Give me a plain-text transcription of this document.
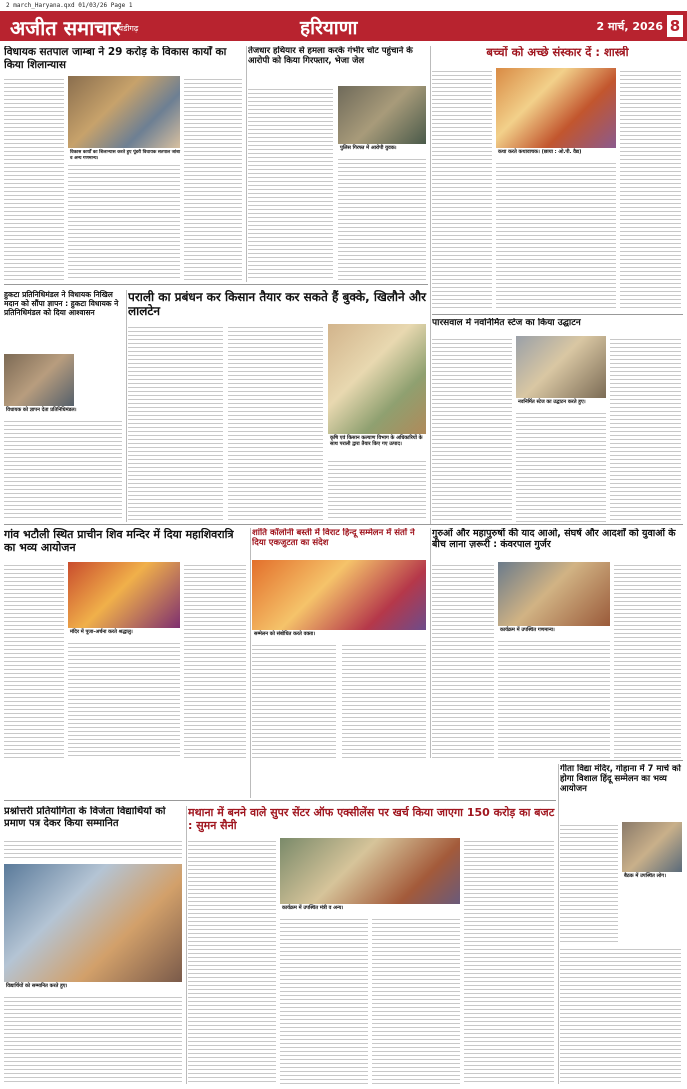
2 march_Haryana.qxd 01/03/26 Page 1
अजीत समाचार
चंडीगढ़	हरियाणा	2 मार्च, 2026 8
विधायक सतपाल जाम्बा ने 29 करोड़ के विकास कार्यों का किया शिलान्यास
विकास कार्यों का शिलान्यास करते हुए पूंडरी विधायक सतपाल जांबा व अन्य गणमान्य।
तेजधार हथियार से हमला करके गंभीर चोट पहुंचाने के आरोपी को किया गिरफ्तार, भेजा जेल
पुलिस गिरफ्त में आरोपी युवक।
बच्चों को अच्छे संस्कार दें : शास्त्री
कथा करते कथावाचक। (छाया : ओ.पी. वैद्य)
हुकटा प्रतिनिधिमंडल ने विधायक निखिल मदान को सौंपा ज्ञापन : हुकटा विधायक ने प्रतिनिधिमंडल को दिया आश्वासन
विधायक को ज्ञापन देता प्रतिनिधिमंडल।
पराली का प्रबंधन कर किसान तैयार कर सकते हैं बुक्के, खिलौने और लालटेन
कृषि एवं किसान कल्याण विभाग के अधिकारियों के साथ पराली द्वारा तैयार किए गए उत्पाद।
पारसवाल में नवनिर्मित स्टेज का किया उद्घाटन
नवनिर्मित स्टेज का उद्घाटन करते हुए।
गांव भटौली स्थित प्राचीन शिव मन्दिर में दिया महाशिवरात्रि का भव्य आयोजन
मंदिर में पूजा-अर्चना करते श्रद्धालु।
शांति कॉलोनी बस्ती में विराट हिन्दू सम्मेलन में संतों ने दिया एकजुटता का संदेश
सम्मेलन को संबोधित करते वक्ता।
गुरुओं और महापुरुषों की याद आओ, संघर्ष और आदर्शों को युवाओं के बीच लाना ज़रूरी : कंवरपाल गुर्जर
कार्यक्रम में उपस्थित गणमान्य।
गीता विद्या मंदिर, गोहाना में 7 मार्च को होगा विशाल हिंदू सम्मेलन का भव्य आयोजन
बैठक में उपस्थित लोग।
प्रश्नोत्तरी प्रतियोगिता के विजेता विद्यार्थियों को प्रमाण पत्र देकर किया सम्मानित
विद्यार्थियों को सम्मानित करते हुए।
मथाना में बनने वाले सुपर सेंटर ऑफ एक्सीलेंस पर खर्च किया जाएगा 150 करोड़ का बजट : सुमन सैनी
कार्यक्रम में उपस्थित मंत्री व अन्य।
